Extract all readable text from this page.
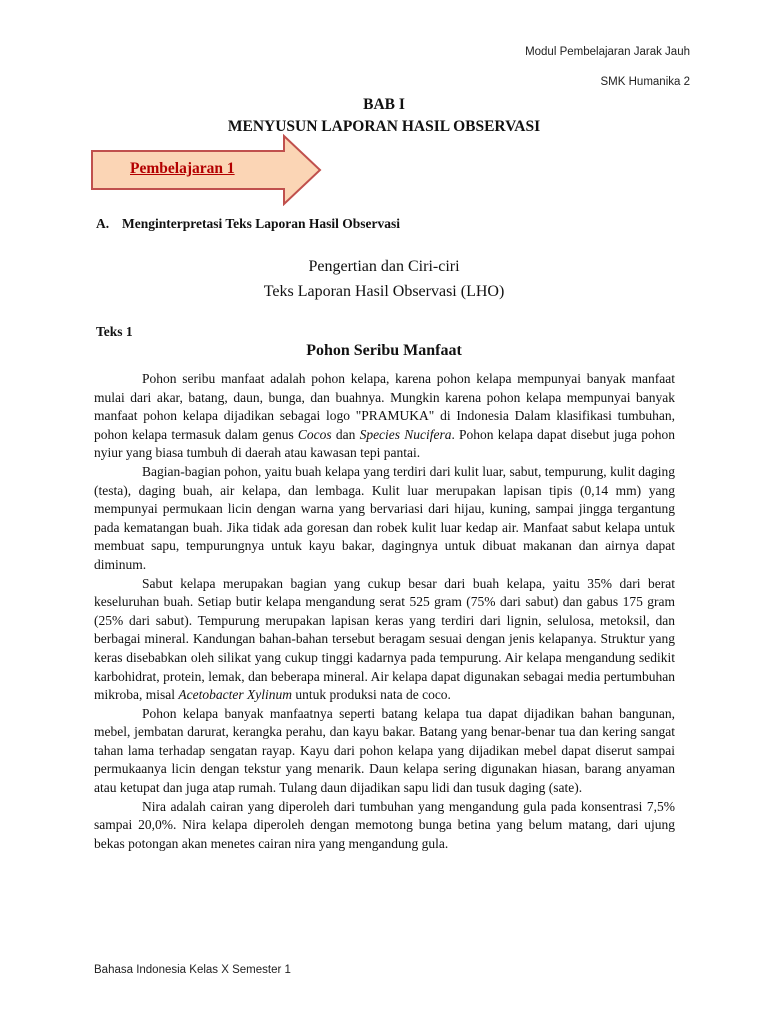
Modul Pembelajaran Jarak Jauh
SMK Humanika 2
BAB I
MENYUSUN LAPORAN HASIL OBSERVASI
Pembelajaran 1
A. Menginterpretasi Teks Laporan Hasil Observasi
Pengertian dan Ciri-ciri
Teks Laporan Hasil Observasi (LHO)
Teks 1
Pohon Seribu Manfaat

Pohon seribu manfaat adalah pohon kelapa, karena pohon kelapa mempunyai banyak manfaat mulai dari akar, batang, daun, bunga, dan buahnya. Mungkin karena pohon kelapa mempunyai banyak manfaat pohon kelapa dijadikan sebagai logo "PRAMUKA" di Indonesia Dalam klasifikasi tumbuhan, pohon kelapa termasuk dalam genus Cocos dan Species Nucifera. Pohon kelapa dapat disebut juga pohon nyiur yang biasa tumbuh di daerah atau kawasan tepi pantai.

Bagian-bagian pohon, yaitu buah kelapa yang terdiri dari kulit luar, sabut, tempurung, kulit daging (testa), daging buah, air kelapa, dan lembaga. Kulit luar merupakan lapisan tipis (0,14 mm) yang mempunyai permukaan licin dengan warna yang bervariasi dari hijau, kuning, sampai jingga tergantung pada kematangan buah. Jika tidak ada goresan dan robek kulit luar kedap air. Manfaat sabut kelapa untuk membuat sapu, tempurungnya untuk kayu bakar, dagingnya untuk dibuat makanan dan airnya dapat diminum.

Sabut kelapa merupakan bagian yang cukup besar dari buah kelapa, yaitu 35% dari berat keseluruhan buah. Setiap butir kelapa mengandung serat 525 gram (75% dari sabut) dan gabus 175 gram (25% dari sabut). Tempurung merupakan lapisan keras yang terdiri dari lignin, selulosa, metoksil, dan berbagai mineral. Kandungan bahan-bahan tersebut beragam sesuai dengan jenis kelapanya. Struktur yang keras disebabkan oleh silikat yang cukup tinggi kadarnya pada tempurung. Air kelapa mengandung sedikit karbohidrat, protein, lemak, dan beberapa mineral. Air kelapa dapat digunakan sebagai media pertumbuhan mikroba, misal Acetobacter Xylinum untuk produksi nata de coco.

Pohon kelapa banyak manfaatnya seperti batang kelapa tua dapat dijadikan bahan bangunan, mebel, jembatan darurat, kerangka perahu, dan kayu bakar. Batang yang benar-benar tua dan kering sangat tahan lama terhadap sengatan rayap. Kayu dari pohon kelapa yang dijadikan mebel dapat diserut sampai permukaanya licin dengan tekstur yang menarik. Daun kelapa sering digunakan hiasan, barang anyaman atau ketupat dan juga atap rumah. Tulang daun dijadikan sapu lidi dan tusuk daging (sate).

Nira adalah cairan yang diperoleh dari tumbuhan yang mengandung gula pada konsentrasi 7,5% sampai 20,0%. Nira kelapa diperoleh dengan memotong bunga betina yang belum matang, dari ujung bekas potongan akan menetes cairan nira yang mengandung gula.

Bahasa Indonesia Kelas X Semester 1
